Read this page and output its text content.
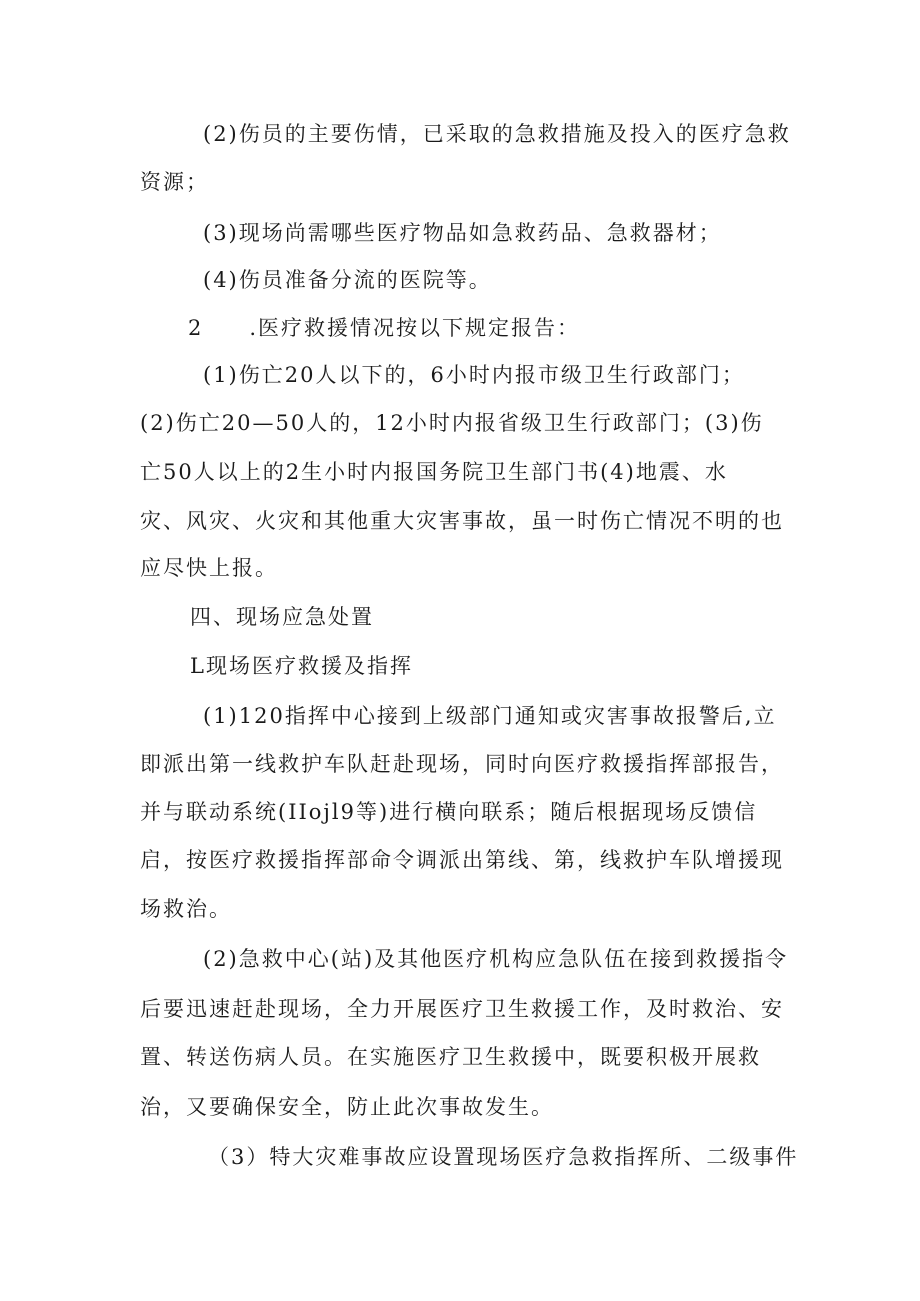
(2)伤员的主要伤情，已采取的急救措施及投入的医疗急救
资源；
(3)现场尚需哪些医疗物品如急救药品、急救器材；
(4)伤员准备分流的医院等。
2　　.医疗救援情况按以下规定报告：
(1)伤亡20人以下的，6小时内报市级卫生行政部门；
(2)伤亡20—50人的，12小时内报省级卫生行政部门；(3)伤
亡50人以上的2生小时内报国务院卫生部门书(4)地震、水
灾、风灾、火灾和其他重大灾害事故，虽一时伤亡情况不明的也
应尽快上报。
四、现场应急处置
L现场医疗救援及指挥
(1)120指挥中心接到上级部门通知或灾害事故报警后,立
即派出第一线救护车队赶赴现场，同时向医疗救援指挥部报告，
并与联动系统(IIojl9等)进行横向联系；随后根据现场反馈信
启，按医疗救援指挥部命令调派出第线、第，线救护车队增援现
场救治。
(2)急救中心(站)及其他医疗机构应急队伍在接到救援指令
后要迅速赶赴现场，全力开展医疗卫生救援工作，及时救治、安
置、转送伤病人员。在实施医疗卫生救援中，既要积极开展救
治，又要确保安全，防止此次事故发生。
（3）特大灾难事故应设置现场医疗急救指挥所、二级事件
